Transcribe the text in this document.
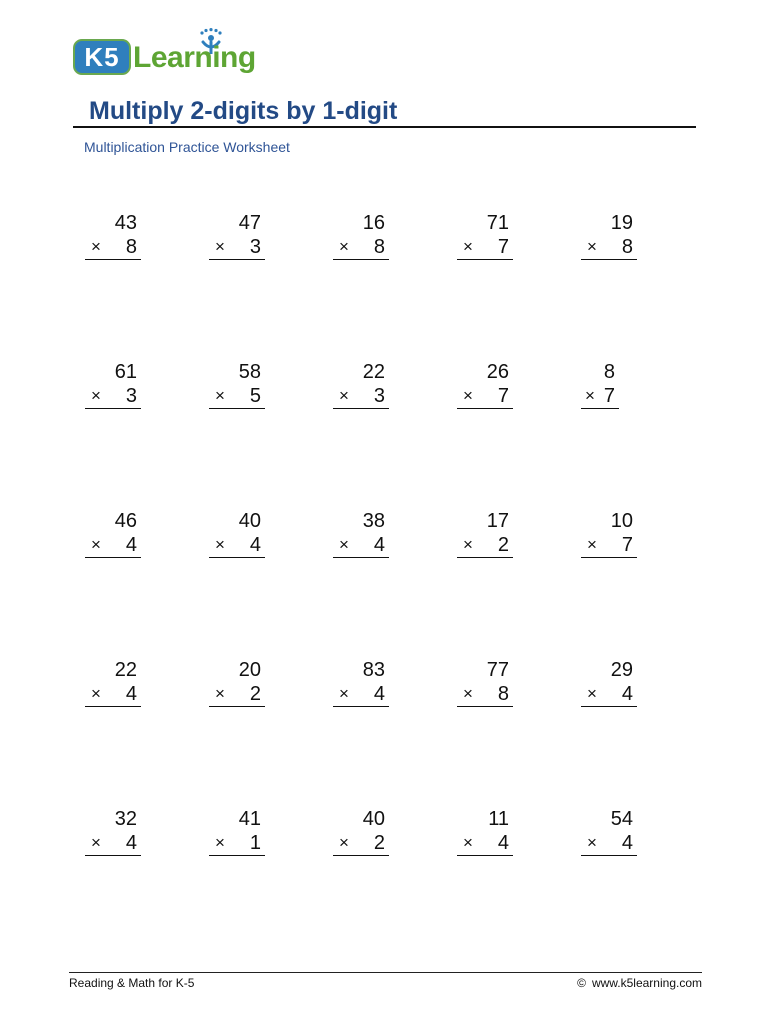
K5 Learning
Multiply 2-digits by 1-digit
Multiplication Practice Worksheet
43
× 8
47
× 3
16
× 8
71
× 7
19
× 8
61
× 3
58
× 5
22
× 3
26
× 7
8
× 7
46
× 4
40
× 4
38
× 4
17
× 2
10
× 7
22
× 4
20
× 2
83
× 4
77
× 8
29
× 4
32
× 4
41
× 1
40
× 2
11
× 4
54
× 4
Reading & Math for K-5	© www.k5learning.com
